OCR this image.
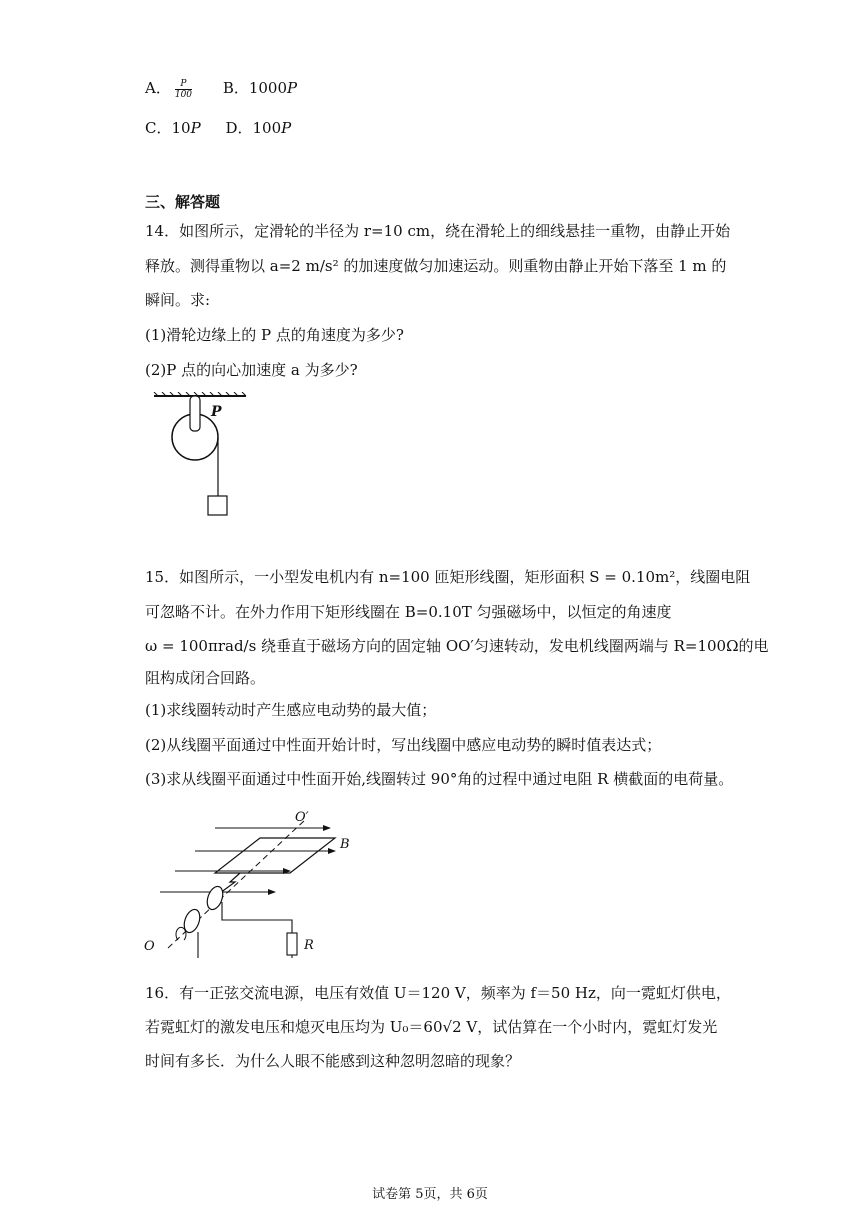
A． $\frac{P}{100}$ B．1000P
C．10P D．100P
三、解答题
14．如图所示，定滑轮的半径为 r=10 cm，绕在滑轮上的细线悬挂一重物，由静止开始
释放。测得重物以 a=2 m/s² 的加速度做匀加速运动。则重物由静止开始下落至 1 m 的
瞬间。求:
(1)滑轮边缘上的 P 点的角速度为多少?
(2)P 点的向心加速度 a 为多少?
P
15．如图所示，一小型发电机内有 n=100 匝矩形线圈，矩形面积 S = 0.10m²，线圈电阻
可忽略不计。在外力作用下矩形线圈在 B=0.10T 匀强磁场中，以恒定的角速度
ω = 100πrad/s 绕垂直于磁场方向的固定轴 OO′匀速转动，发电机线圈两端与 R=100Ω的电
阻构成闭合回路。
(1)求线圈转动时产生感应电动势的最大值；
(2)从线圈平面通过中性面开始计时，写出线圈中感应电动势的瞬时值表达式；
(3)求从线圈平面通过中性面开始,线圈转过 90°角的过程中通过电阻 R 横截面的电荷量。
O′
B
O	R
16．有一正弦交流电源，电压有效值 U＝120 V，频率为 f＝50 Hz，向一霓虹灯供电，
若霓虹灯的激发电压和熄灭电压均为 U₀＝60√2 V，试估算在一个小时内，霓虹灯发光
时间有多长．为什么人眼不能感到这种忽明忽暗的现象？
试卷第 5页，共 6页
